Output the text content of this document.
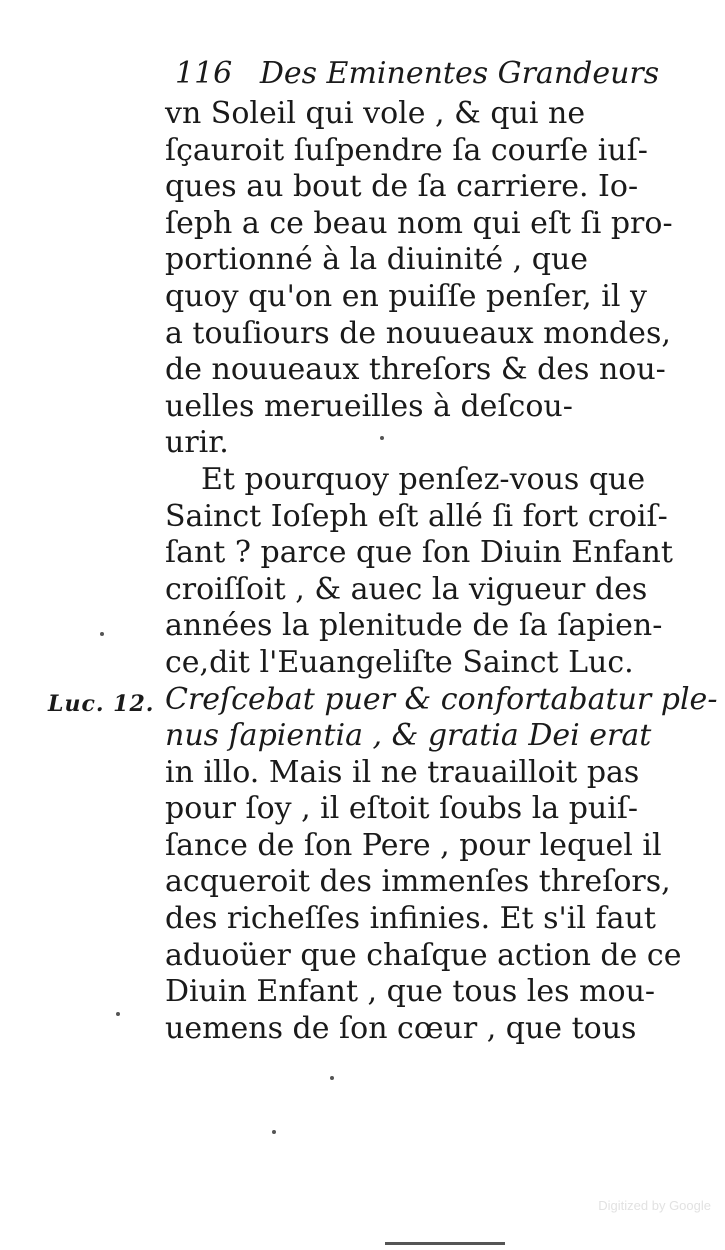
116 Des Eminentes Grandeurs
Luc. 12.
vn Soleil qui vole , & qui ne
ſçauroit ſuſpendre ſa courſe iuſ-
ques au bout de ſa carriere. Io-
ſeph a ce beau nom qui eſt ſi pro-
portionné à la diuinité , que
quoy qu'on en puiſſe penſer, il y
a touſiours de nouueaux mondes,
de nouueaux threſors & des nou-
uelles merueilles à deſcou-
urir.
Et pourquoy penſez-vous que
Sainct Ioſeph eſt allé ſi fort croiſ-
ſant ? parce que ſon Diuin Enfant
croiſſoit , & auec la vigueur des
années la plenitude de ſa ſapien-
ce,dit l'Euangeliſte Sainct Luc.
Creſcebat puer & confortabatur ple-
nus ſapientia , & gratia Dei erat
in illo. Mais il ne trauailloit pas
pour ſoy , il eſtoit ſoubs la puiſ-
ſance de ſon Pere , pour lequel il
acqueroit des immenſes threſors,
des richeſſes infinies. Et s'il faut
aduoüer que chaſque action de ce
Diuin Enfant , que tous les mou-
uemens de ſon cœur , que tous
Digitized by Google
